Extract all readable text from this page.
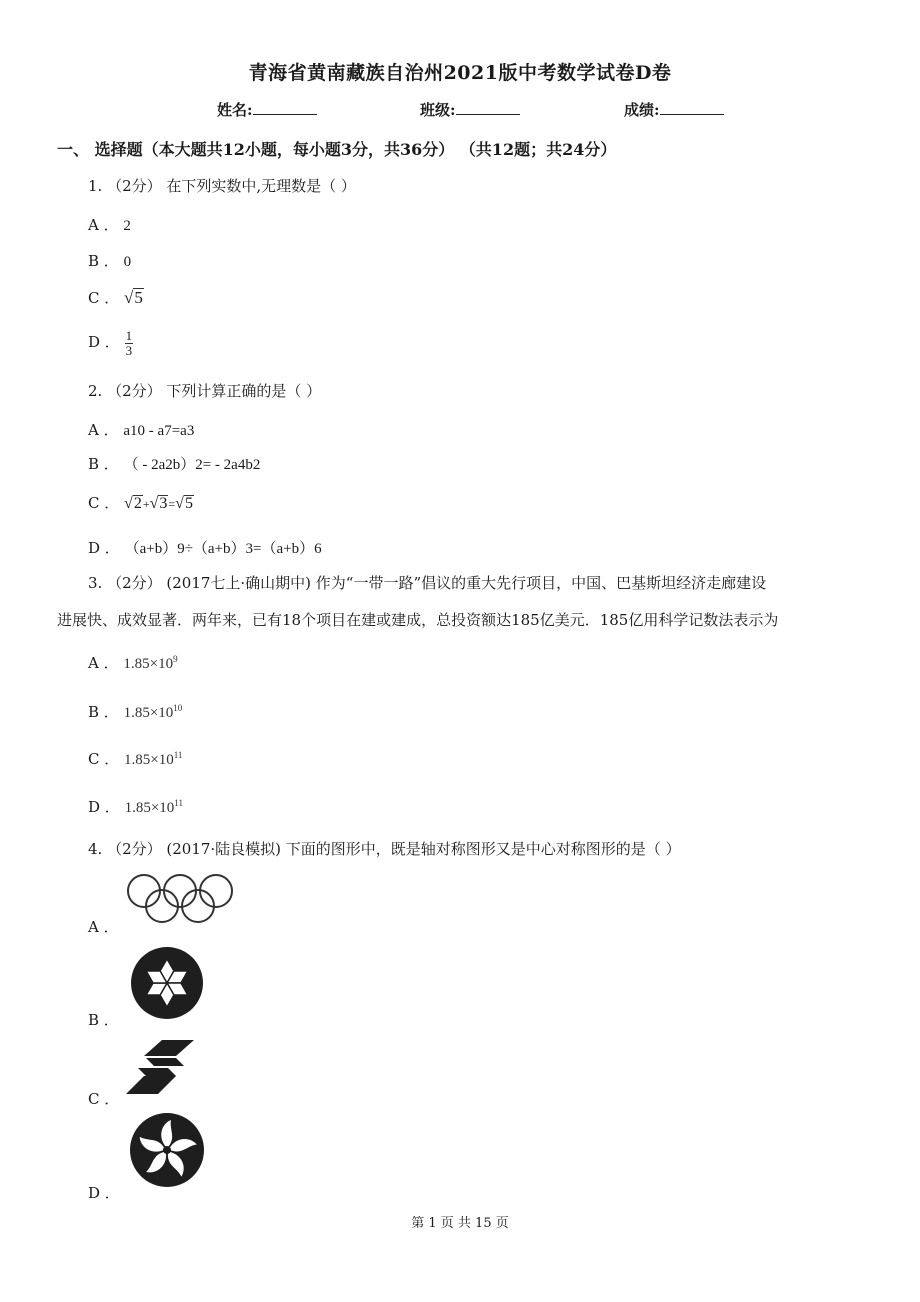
青海省黄南藏族自治州2021版中考数学试卷D卷
姓名:	班级:	成绩:
一、 选择题（本大题共12小题，每小题3分，共36分） （共12题；共24分）
1. （2分） 在下列实数中,无理数是（ ）
A ． 2
B ． 0
C ． √5
D ． $\frac{1}{3}$
2. （2分） 下列计算正确的是（ ）
A ． a10 - a7=a3
B ． （ - 2a2b）2= - 2a4b2
C ． √2+√3=√5
D ． （a+b）9÷（a+b）3=（a+b）6
3. （2分） (2017七上·确山期中) 作为“一带一路”倡议的重大先行项目，中国、巴基斯坦经济走廊建设
进展快、成效显著．两年来，已有18个项目在建或建成，总投资额达185亿美元．185亿用科学记数法表示为
A ． $1.85\times 10^9$
B ． $1.85\times 10^{10}$
C ． $1.85\times 10^{11}$
D ． $1.85\times 10^{11}$
4. （2分） (2017·陆良模拟) 下面的图形中，既是轴对称图形又是中心对称图形的是（ ）
A ．
B ．
C ．
D ．
第 1 页 共 15 页
